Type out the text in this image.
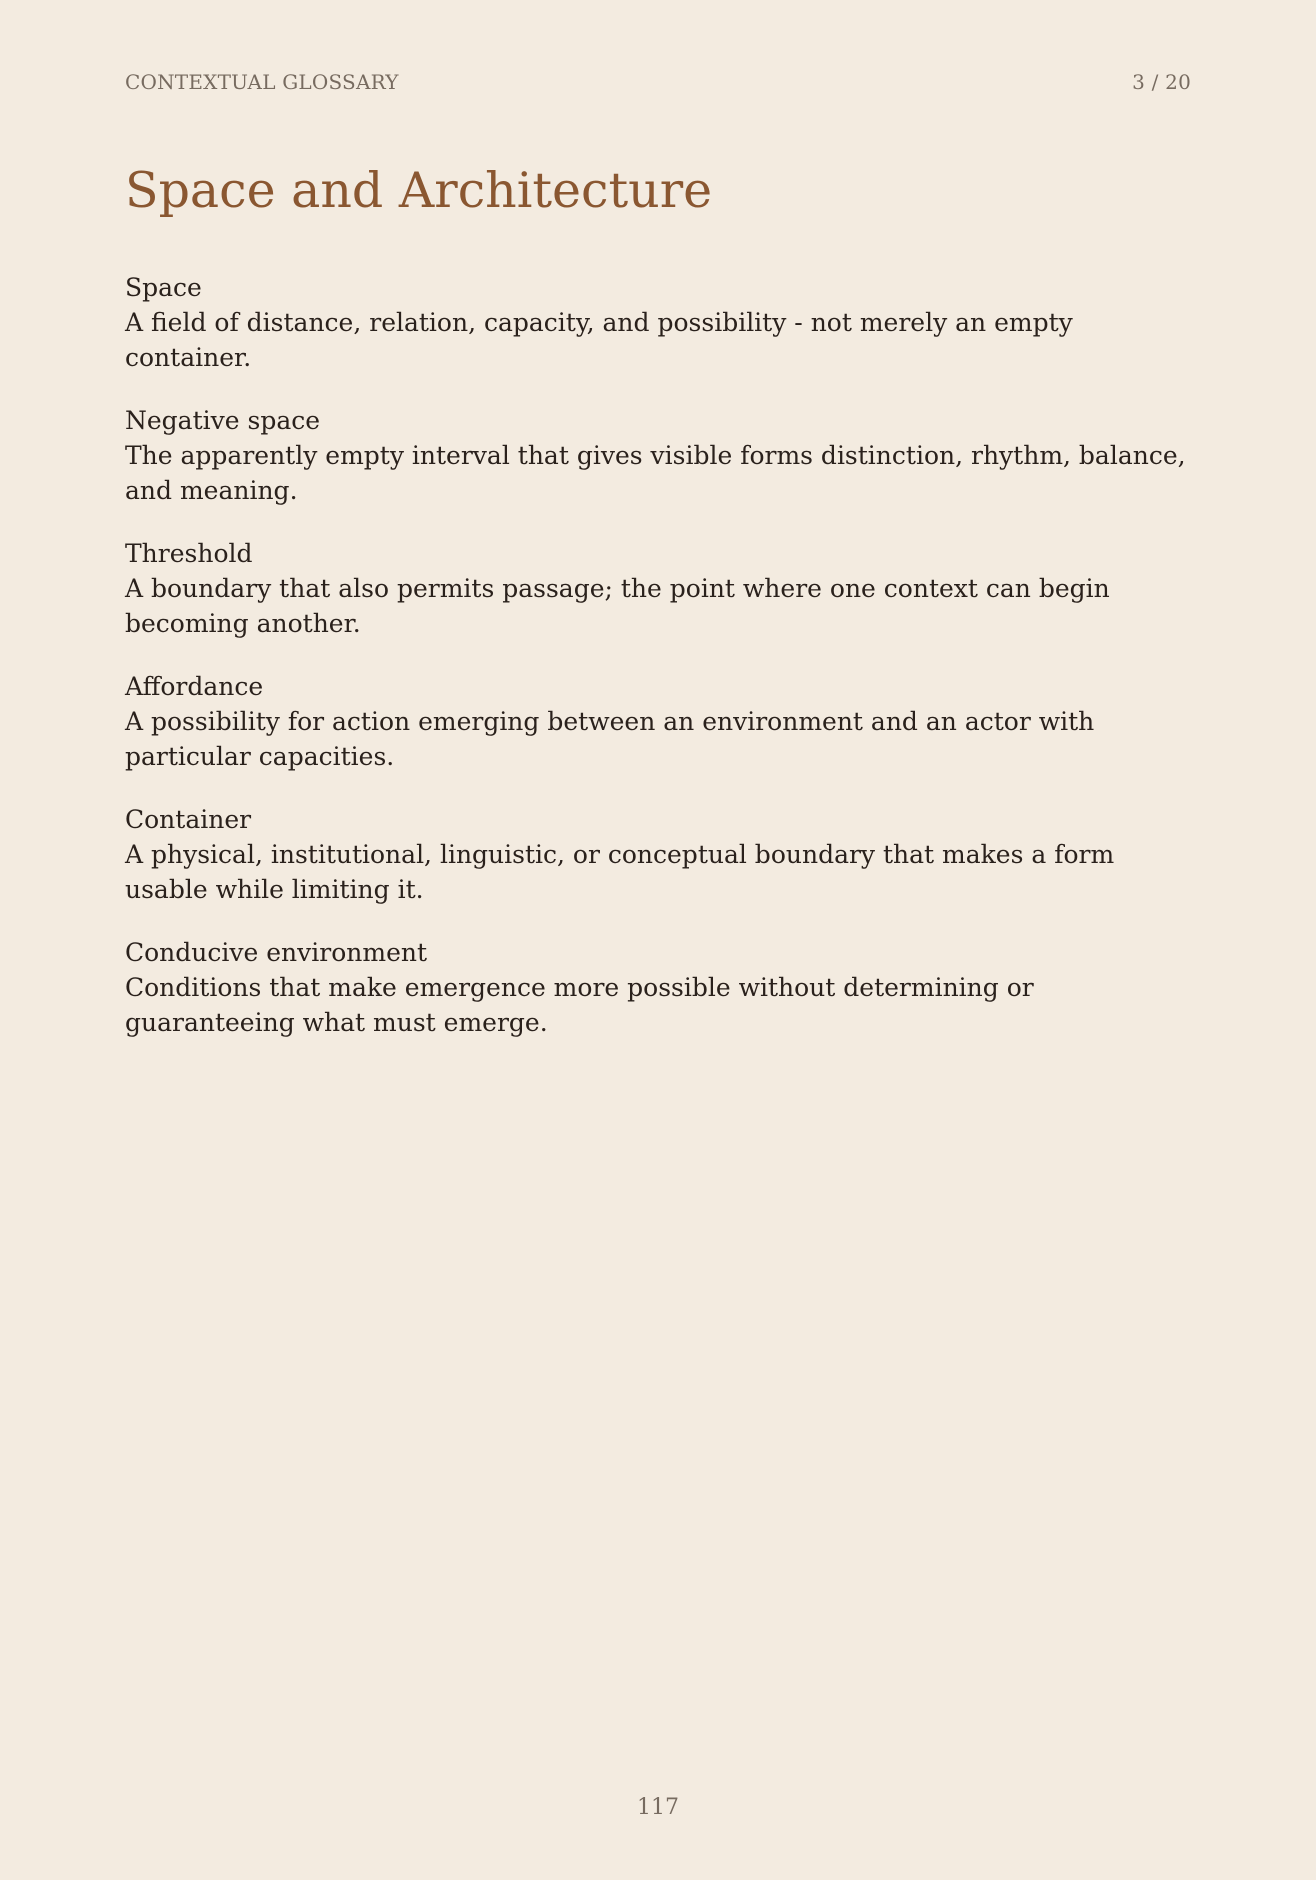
CONTEXTUAL GLOSSARY	3 / 20
Space and Architecture
Space
A field of distance, relation, capacity, and possibility - not merely an empty container.
Negative space
The apparently empty interval that gives visible forms distinction, rhythm, balance, and meaning.
Threshold
A boundary that also permits passage; the point where one context can begin becoming another.
Affordance
A possibility for action emerging between an environment and an actor with particular capacities.
Container
A physical, institutional, linguistic, or conceptual boundary that makes a form usable while limiting it.
Conducive environment
Conditions that make emergence more possible without determining or guaranteeing what must emerge.
117
